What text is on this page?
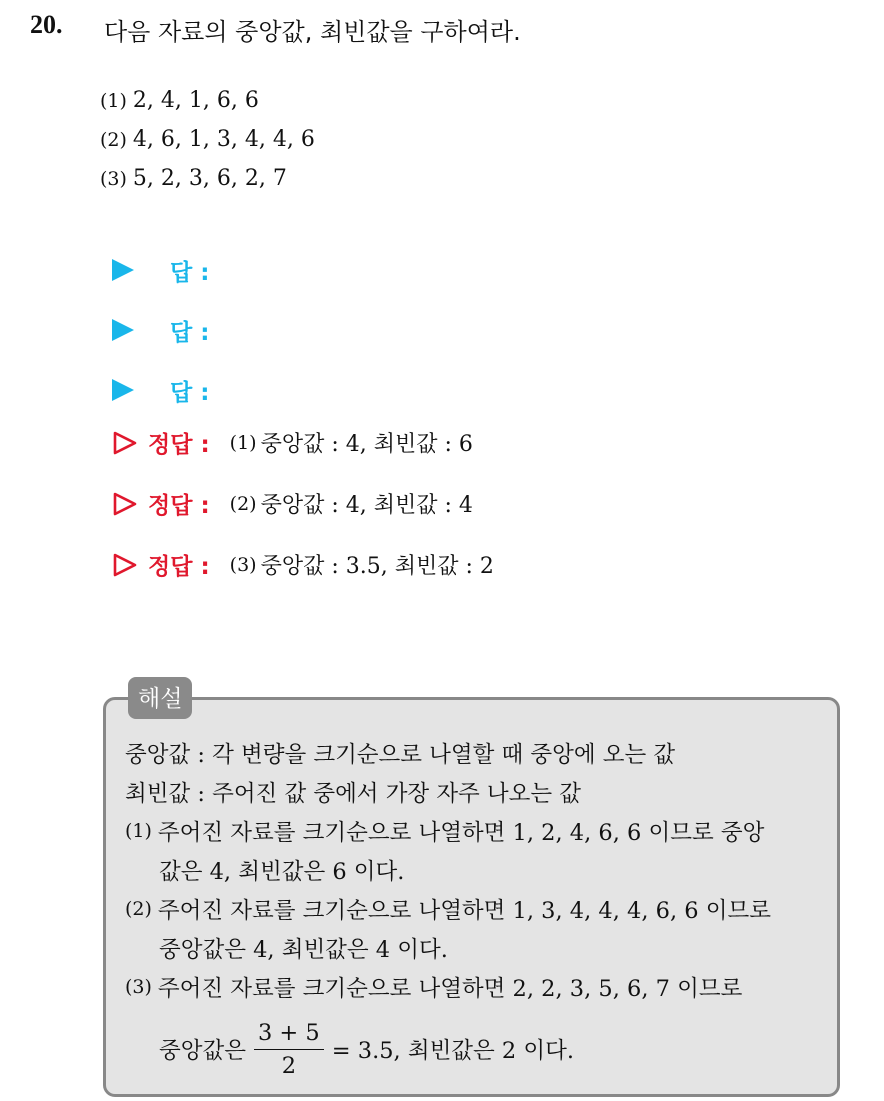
20. 다음 자료의 중앙값, 최빈값을 구하여라.
(1) 2, 4, 1, 6, 6
(2) 4, 6, 1, 3, 4, 4, 6
(3) 5, 2, 3, 6, 2, 7
답 :
답 :
답 :
정답 : (1) 중앙값 : 4, 최빈값 : 6
정답 : (2) 중앙값 : 4, 최빈값 : 4
정답 : (3) 중앙값 : 3.5, 최빈값 : 2
해설
중앙값 : 각 변량을 크기순으로 나열할 때 중앙에 오는 값
최빈값 : 주어진 값 중에서 가장 자주 나오는 값
(1) 주어진 자료를 크기순으로 나열하면 1, 2, 4, 6, 6 이므로 중앙
값은 4, 최빈값은 6 이다.
(2) 주어진 자료를 크기순으로 나열하면 1, 3, 4, 4, 4, 6, 6 이므로
중앙값은 4, 최빈값은 4 이다.
(3) 주어진 자료를 크기순으로 나열하면 2, 2, 3, 5, 6, 7 이므로
중앙값은 $\frac{3 + 5}{2} = 3.5$, 최빈값은 2 이다.
